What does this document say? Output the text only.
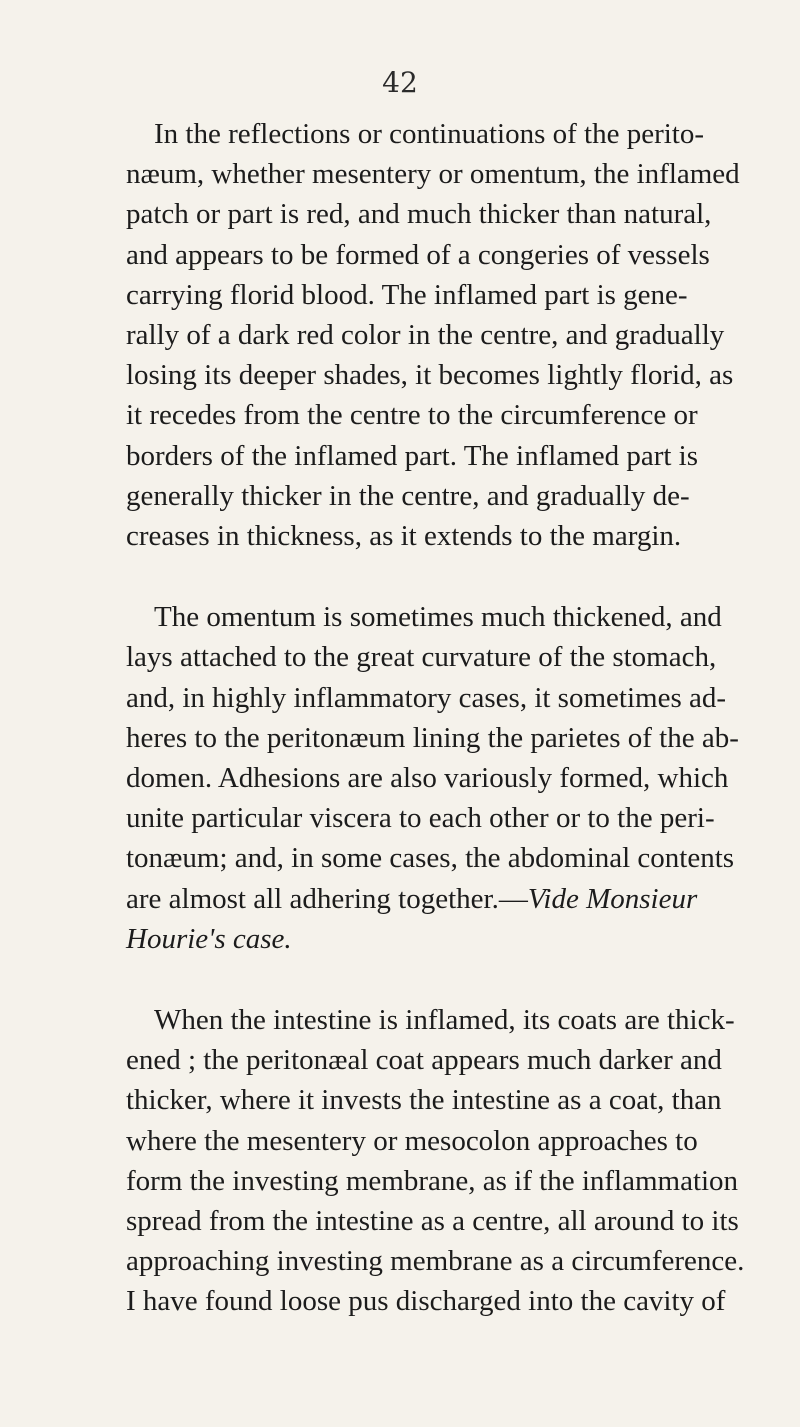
42
In the reflections or continuations of the perito-
næum, whether mesentery or omentum, the inflamed
patch or part is red, and much thicker than natural,
and appears to be formed of a congeries of vessels
carrying florid blood. The inflamed part is gene-
rally of a dark red color in the centre, and gradually
losing its deeper shades, it becomes lightly florid, as
it recedes from the centre to the circumference or
borders of the inflamed part. The inflamed part is
generally thicker in the centre, and gradually de-
creases in thickness, as it extends to the margin.
The omentum is sometimes much thickened, and
lays attached to the great curvature of the stomach,
and, in highly inflammatory cases, it sometimes ad-
heres to the peritonæum lining the parietes of the ab-
domen. Adhesions are also variously formed, which
unite particular viscera to each other or to the peri-
tonæum; and, in some cases, the abdominal contents
are almost all adhering together.—Vide Monsieur
Hourie's case.
When the intestine is inflamed, its coats are thick-
ened ; the peritonæal coat appears much darker and
thicker, where it invests the intestine as a coat, than
where the mesentery or mesocolon approaches to
form the investing membrane, as if the inflammation
spread from the intestine as a centre, all around to its
approaching investing membrane as a circumference.
I have found loose pus discharged into the cavity of
